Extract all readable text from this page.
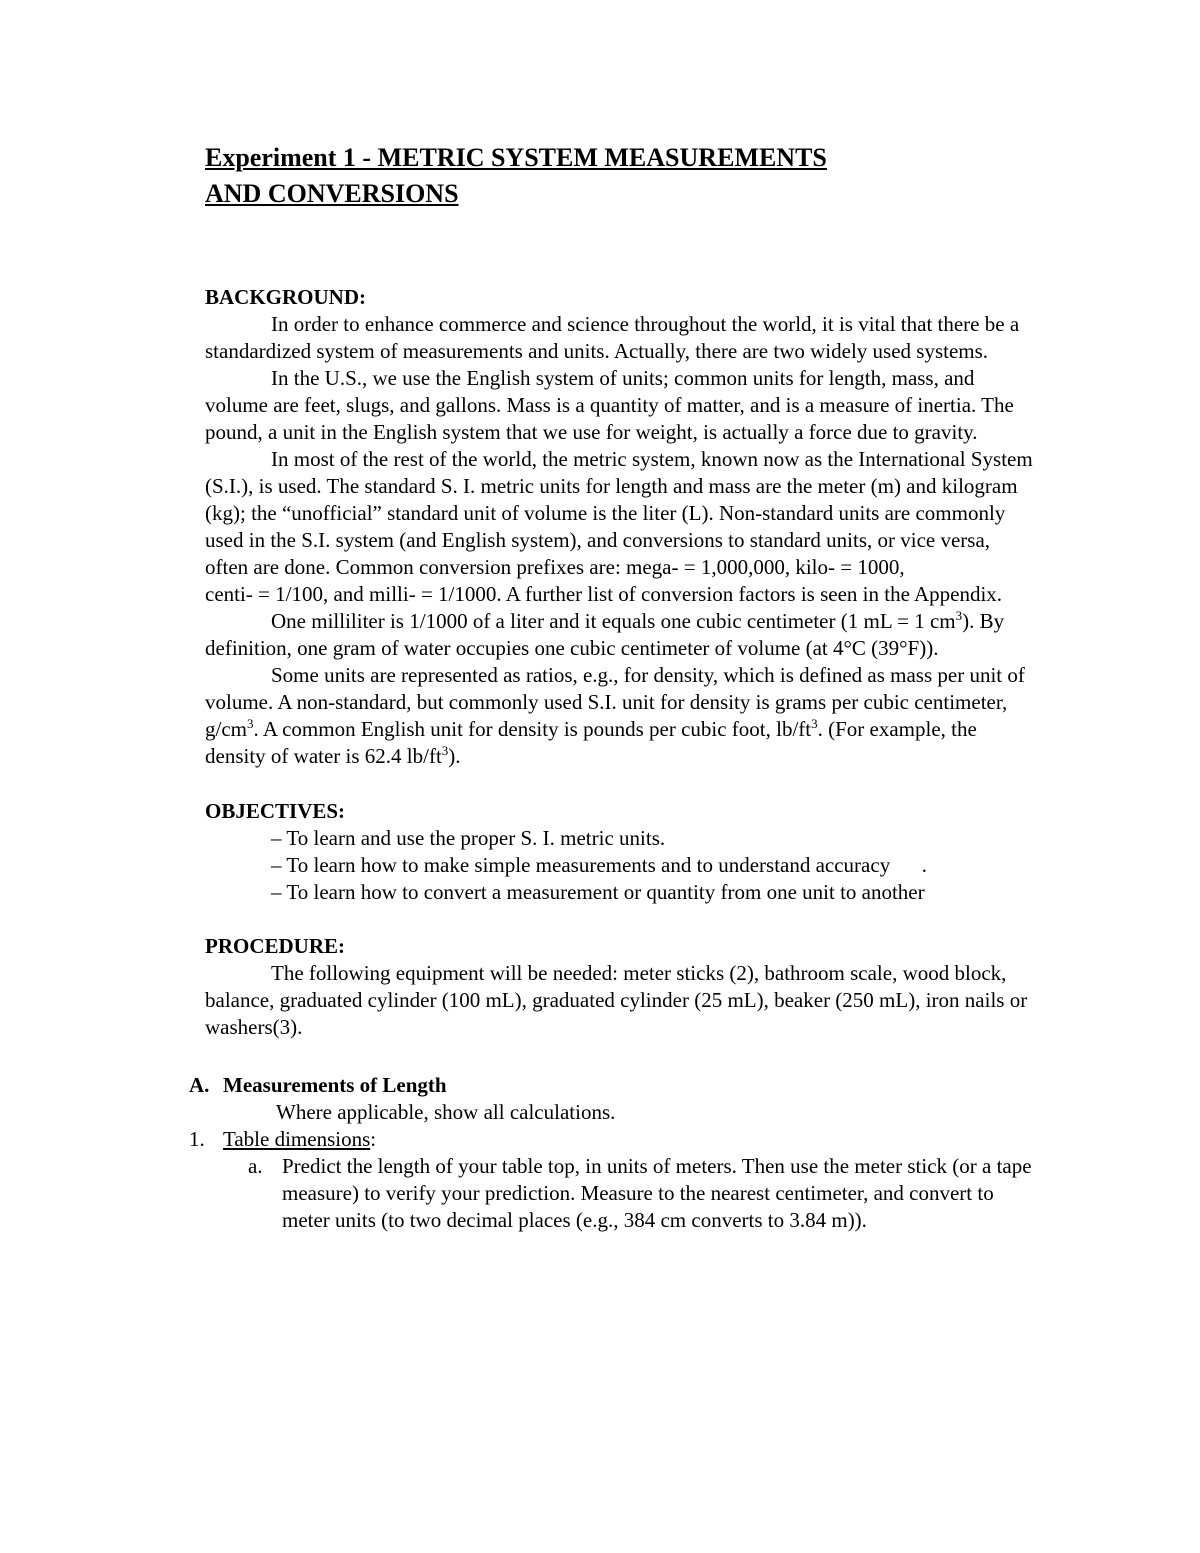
Experiment 1 - METRIC SYSTEM MEASUREMENTS
AND CONVERSIONS
BACKGROUND:

In order to enhance commerce and science throughout the world, it is vital that there be a standardized system of measurements and units. Actually, there are two widely used systems.

In the U.S., we use the English system of units; common units for length, mass, and volume are feet, slugs, and gallons. Mass is a quantity of matter, and is a measure of inertia. The pound, a unit in the English system that we use for weight, is actually a force due to gravity.

In most of the rest of the world, the metric system, known now as the International System (S.I.), is used. The standard S. I. metric units for length and mass are the meter (m) and kilogram (kg); the “unofficial” standard unit of volume is the liter (L). Non-standard units are commonly used in the S.I. system (and English system), and conversions to standard units, or vice versa, often are done. Common conversion prefixes are: mega- = 1,000,000, kilo- = 1000,

centi- = 1/100, and milli- = 1/1000. A further list of conversion factors is seen in the Appendix.

One milliliter is 1/1000 of a liter and it equals one cubic centimeter (1 mL = 1 $cm^3$). By definition, one gram of water occupies one cubic centimeter of volume (at 4°C (39°F)).

Some units are represented as ratios, e.g., for density, which is defined as mass per unit of volume. A non-standard, but commonly used S.I. unit for density is grams per cubic centimeter, $g/cm^3$. A common English unit for density is pounds per cubic foot, $lb/ft^3$. (For example, the density of water is 62.4 $lb/ft^3$).

OBJECTIVES:
– To learn and use the proper S. I. metric units.
– To learn how to make simple measurements and to understand accuracy      .
– To learn how to convert a measurement or quantity from one unit to another
PROCEDURE:

The following equipment will be needed: meter sticks (2), bathroom scale, wood block, balance, graduated cylinder (100 mL), graduated cylinder (25 mL), beaker (250 mL), iron nails or washers(3).

A. Measurements of Length
Where applicable, show all calculations.
1. Table dimensions:
a. Predict the length of your table top, in units of meters. Then use the meter stick (or a tape measure) to verify your prediction. Measure to the nearest centimeter, and convert to meter units (to two decimal places (e.g., 384 cm converts to 3.84 m)).
